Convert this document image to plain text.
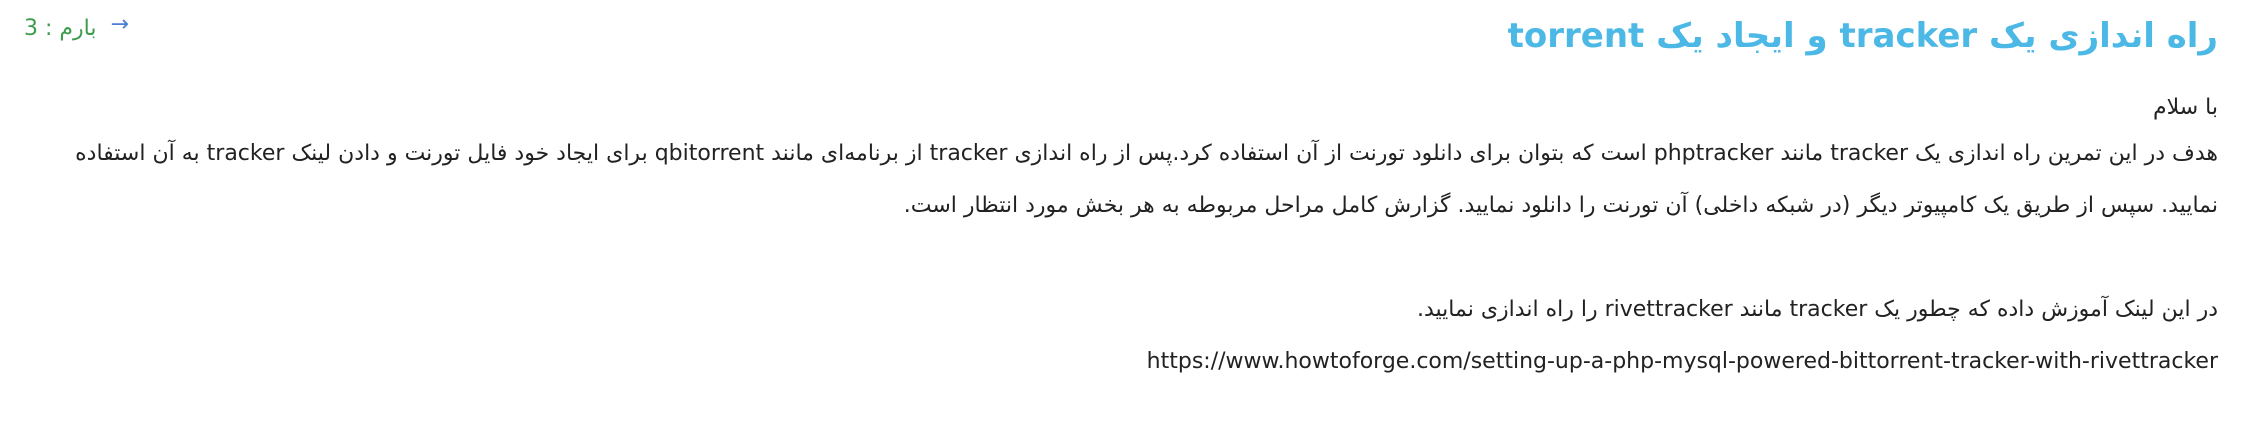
راه اندازی یک tracker و ایجاد یک torrent
بارم : 3 →

با سلام

هدف در این تمرین راه اندازی یک tracker مانند phptracker است که بتوان برای دانلود تورنت از آن استفاده کرد.پس از راه اندازی tracker از برنامه‌ای مانند qbitorrent برای ایجاد خود فایل تورنت و دادن لینک tracker به آن استفاده نمایید. سپس از طریق یک کامپیوتر دیگر (در شبکه داخلی) آن تورنت را دانلود نمایید. گزارش کامل مراحل مربوطه به هر بخش مورد انتظار است.

در این لینک آموزش داده که چطور یک tracker مانند rivettracker را راه اندازی نمایید.

https://www.howtoforge.com/setting-up-a-php-mysql-powered-bittorrent-tracker-with-rivettracker
